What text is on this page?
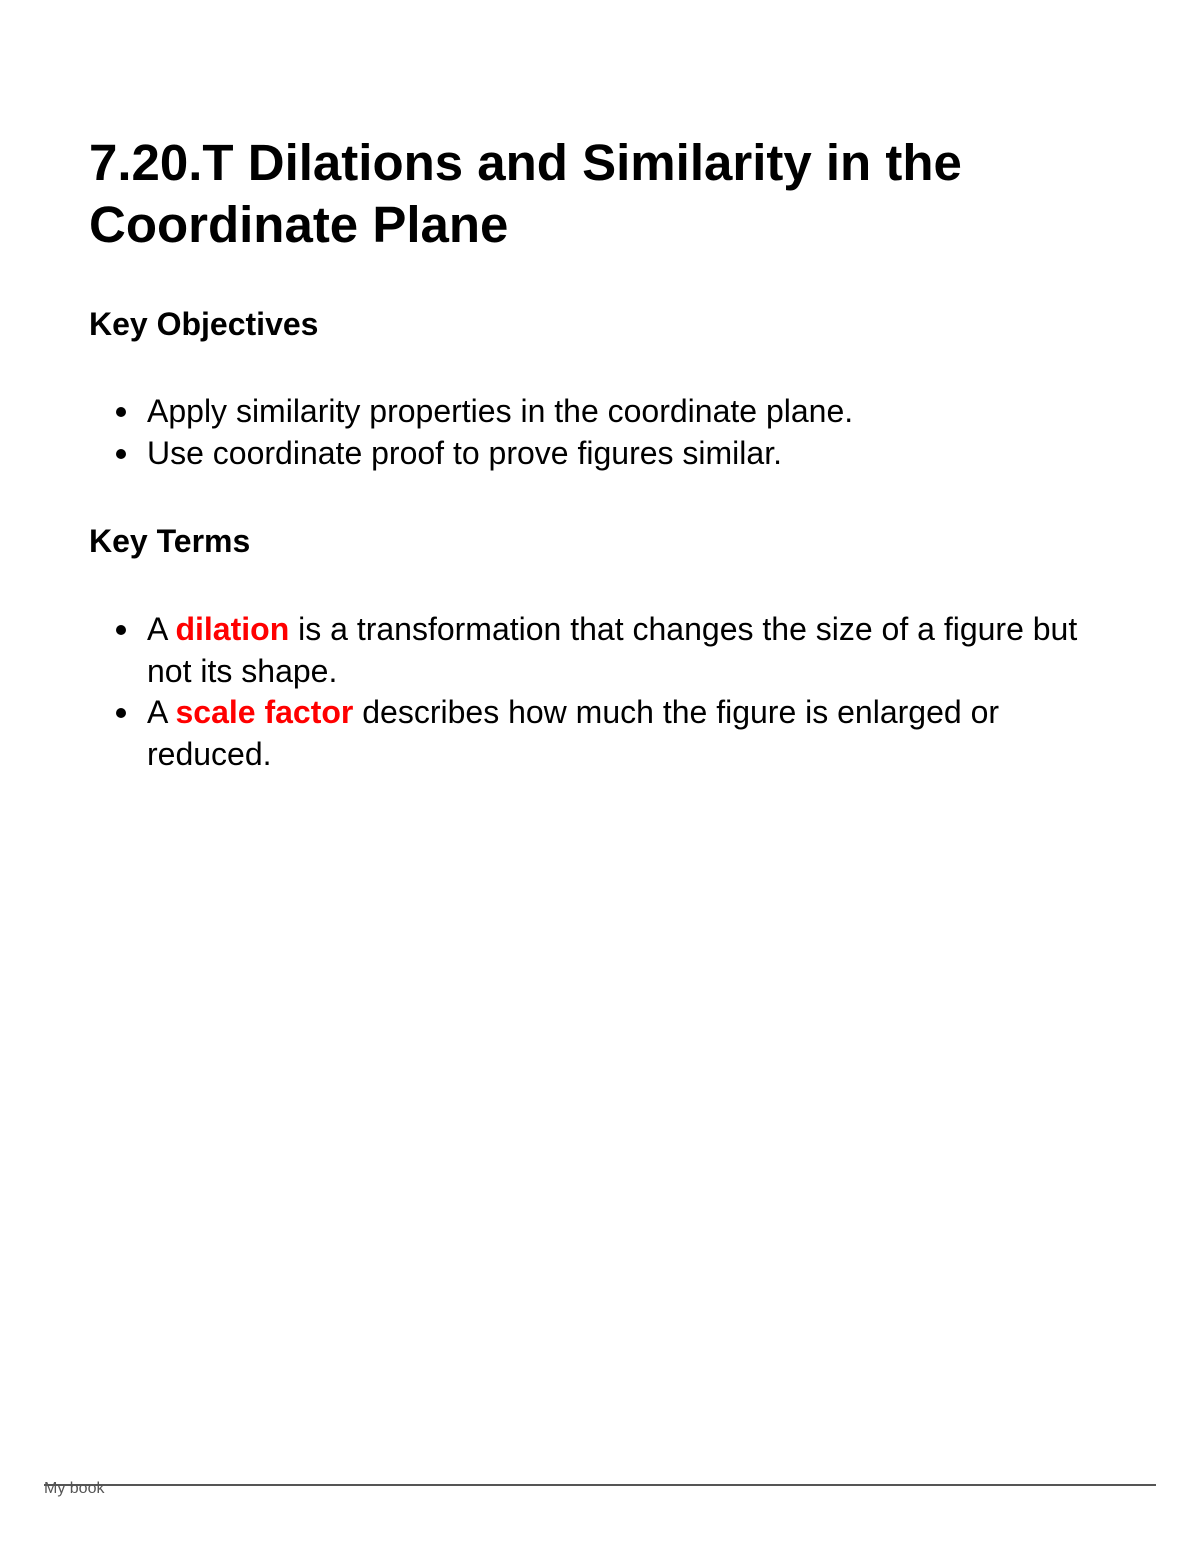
7.20.T Dilations and Similarity in the Coordinate Plane
Key Objectives
Apply similarity properties in the coordinate plane.
Use coordinate proof to prove figures similar.
Key Terms
A dilation is a transformation that changes the size of a figure but not its shape.
A scale factor describes how much the figure is enlarged or reduced.
My book
